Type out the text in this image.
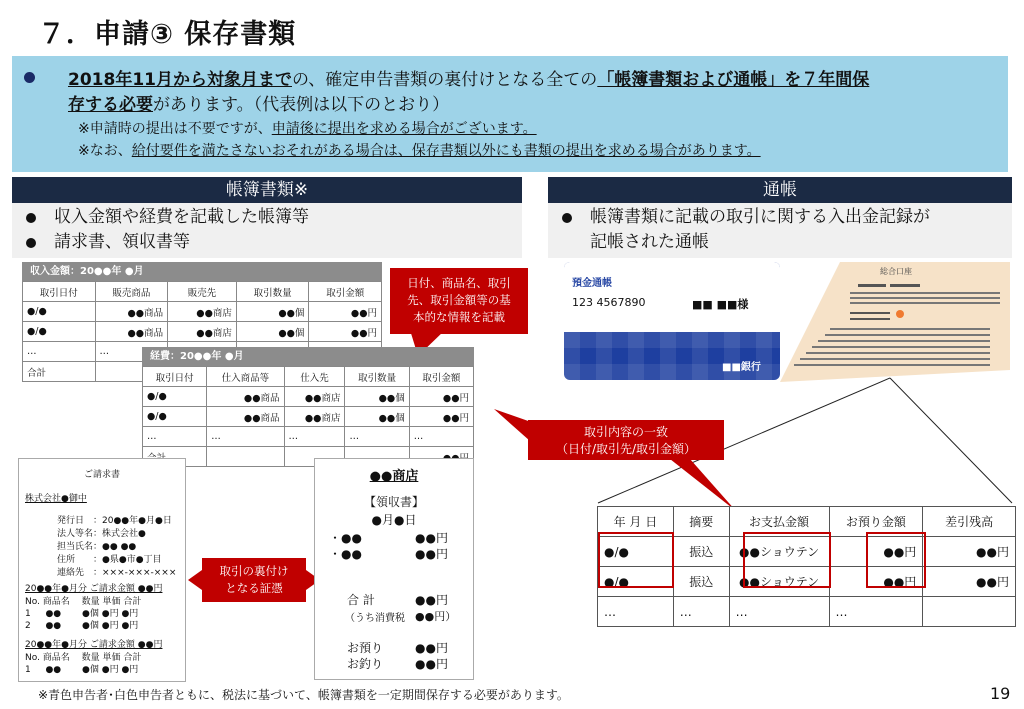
７．申請③ 保存書類
2018年11月から対象月までの、確定申告書類の裏付けとなる全ての「帳簿書類および通帳」を７年間保
存する必要があります。（代表例は以下のとおり）
※申請時の提出は不要ですが、申請後に提出を求める場合がございます。
※なお、給付要件を満たさないおそれがある場合は、保存書類以外にも書類の提出を求める場合があります。
帳簿書類※
収入金額や経費を記載した帳簿等
請求書、領収書等
通帳
帳簿書類に記載の取引に関する入出金記録が
記帳された通帳
収入金額：20●●年 ●月
取引日付	販売商品	販売先	取引数量	取引金額
●/●	●●商品	●●商店	●●個	●●円
●/●	●●商品	●●商店	●●個	●●円
…	…			
合計				
日付、商品名、取引
先、取引金額等の基
本的な情報を記載
経費：20●●年 ●月
取引日付	仕入商品等	仕入先	取引数量	取引金額
●/●	●●商品	●●商店	●●個	●●円
●/●	●●商品	●●商店	●●個	●●円
…	…	…	…	…

ご請求書
株式会社●御中
発行日　：20●●年●月●日
法人等名：株式会社●
担当氏名：●● ●●
住所　　：●県●市●丁目
連絡先　：×××-×××-×××
20●●年●月分 ご請求金額 ●●円
No. 商品名　 数量 単価 合計
1 　 ●●　　 ●個 ●円 ●円
2 　 ●●　　 ●個 ●円 ●円
20●●年●月分 ご請求金額 ●●円
No. 商品名　 数量 単価 合計
1 　 ●●　　 ●個 ●円 ●円
取引の裏付け
となる証憑
●●商店
【領収書】
●月●日
・●●	●●円
・●●	●●円
合 計	●●円
（うち消費税 ●●円）
お預り	●●円
お釣り	●●円
預金通帳
123 4567890	■■ ■■様
■■銀行
総合口座
取引内容の一致
（日付/取引先/取引金額）
年 月 日	摘要	お支払金額	お預り金額	差引残高
●/●	振込	●●ショウテン	●●円	●●円
●/●	振込	●●ショウテン	●●円	●●円
…	…	…	…	
※青色申告者･白色申告者ともに、税法に基づいて、帳簿書類を一定期間保存する必要があります。	19
